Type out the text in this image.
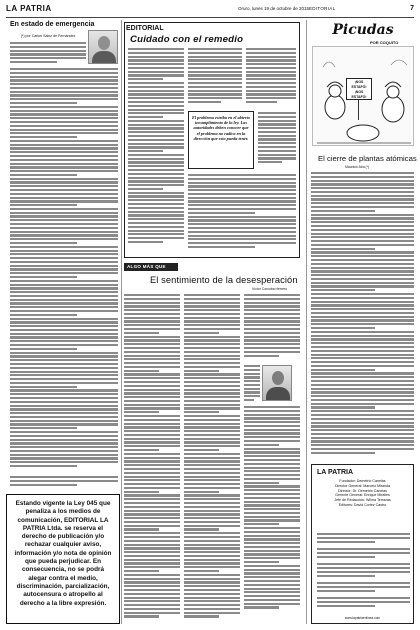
LA PATRIA	Oruro, lunes 19 de octubre de 2015 EDITORIAL	7
En estado de emergencia
(*) por Carlos Sainz de Fernández

Estando vigente la Ley 045 que penaliza a los medios de comunicación, EDITORIAL LA PATRIA Ltda. se reserva el derecho de publicación y/o rechazar cualquier aviso, información y/o nota de opinión que pueda perjudicar. En consecuencia, no se podrá alegar contra el medio, discriminación, parcialización, autocensura o atropello al derecho a la libre expresión.

EDITORIAL
Cuidado con el remedio

El problema estriba en el abierto incumplimiento de la ley. Las autoridades deben conocer que el problema no radica en la dirección que esto pueda tener.

ALGO MÁS QUE PALABRAS
El sentimiento de la desesperación
Víctor Corcoba Herrero
Picudas
POR COQUITO
¡NOS ESTAFÓ! ¡NOS ESTAFÓ!
El cierre de plantas atómicas
Mauricio Aira (*)
LA PATRIA
Fundador: Demetrio Canelas
Director General: Marcelo Miranda
Director: Dr. Demetrio Canelas
Gerente General: Enrique Miralles
Jefe de Redacción: Wilma Terrazas
Editores: David Cortez Castro
www.lapatriaenlinea.com
